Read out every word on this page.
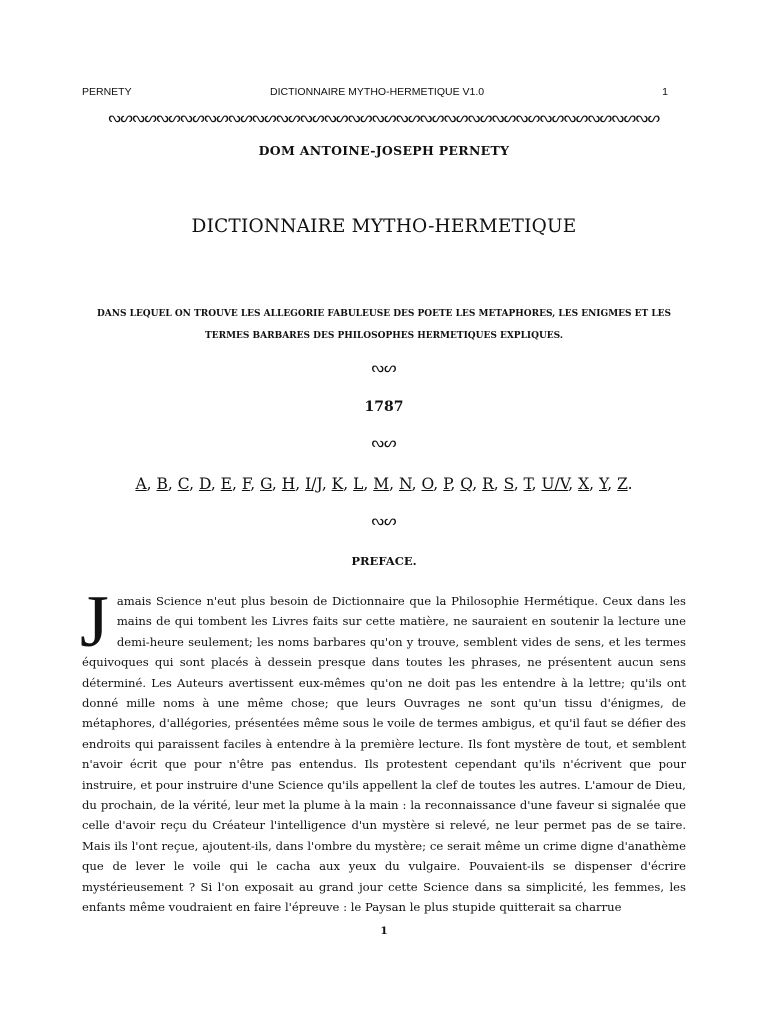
PERNETY	DICTIONNAIRE MYTHO-HERMETIQUE V1.0	1
ᔓᔕᔓᔕᔓᔕᔓᔕᔓᔕᔓᔕᔓᔕᔓᔕᔓᔕᔓᔕᔓᔕᔓᔕᔓᔕᔓᔕᔓᔕᔓᔕᔓᔕᔓᔕᔓᔕᔓᔕᔓᔕᔓᔕᔓᔕ
DOM ANTOINE-JOSEPH PERNETY
DICTIONNAIRE MYTHO-HERMETIQUE
DANS LEQUEL ON TROUVE LES ALLEGORIE FABULEUSE DES POETE LES METAPHORES, LES ENIGMES ET LES TERMES BARBARES DES PHILOSOPHES HERMETIQUES EXPLIQUES.
ᔓᔕ
1787
ᔓᔕ
A, B, C, D, E, F, G, H, I/J, K, L, M, N, O, P, Q, R, S, T, U/V, X, Y, Z.
ᔓᔕ
PREFACE.
Jamais Science n'eut plus besoin de Dictionnaire que la Philosophie Hermétique. Ceux dans les mains de qui tombent les Livres faits sur cette matière, ne sauraient en soutenir la lecture une demi-heure seulement; les noms barbares qu'on y trouve, semblent vides de sens, et les termes équivoques qui sont placés à dessein presque dans toutes les phrases, ne présentent aucun sens déterminé. Les Auteurs avertissent eux-mêmes qu'on ne doit pas les entendre à la lettre; qu'ils ont donné mille noms à une même chose; que leurs Ouvrages ne sont qu'un tissu d'énigmes, de métaphores, d'allégories, présentées même sous le voile de termes ambigus, et qu'il faut se défier des endroits qui paraissent faciles à entendre à la première lecture. Ils font mystère de tout, et semblent n'avoir écrit que pour n'être pas entendus. Ils protestent cependant qu'ils n'écrivent que pour instruire, et pour instruire d'une Science qu'ils appellent la clef de toutes les autres. L'amour de Dieu, du prochain, de la vérité, leur met la plume à la main : la reconnaissance d'une faveur si signalée que celle d'avoir reçu du Créateur l'intelligence d'un mystère si relevé, ne leur permet pas de se taire. Mais ils l'ont reçue, ajoutent-ils, dans l'ombre du mystère; ce serait même un crime digne d'anathème que de lever le voile qui le cacha aux yeux du vulgaire. Pouvaient-ils se dispenser d'écrire mystérieusement ? Si l'on exposait au grand jour cette Science dans sa simplicité, les femmes, les enfants même voudraient en faire l'épreuve : le Paysan le plus stupide quitterait sa charrue
1
